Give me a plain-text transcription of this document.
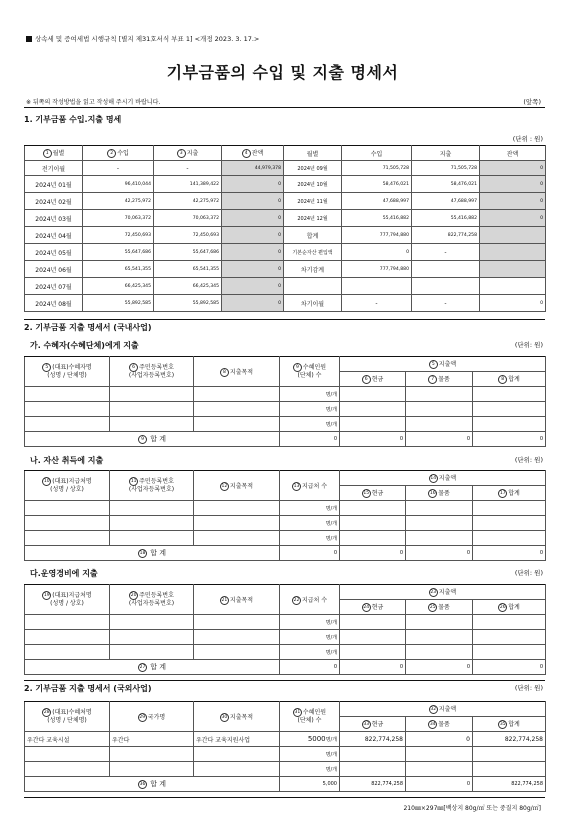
상속세 및 증여세법 시행규칙 [별지 제31호서식 부표 1] <개정 2023. 3. 17.>
기부금품의 수입 및 지출 명세서
※ 뒤쪽의 작성방법을 읽고 작성해 주시기 바랍니다.	(앞쪽)
1. 기부금품 수입.지출 명세
(단위 : 원)
1 월별	2 수입	3 지출	4 잔액	월별	수입	지출	잔액
전기이월	-	-	44,979,378	2024년 09월	71,505,728	71,505,728	0
2024년 01월	96,410,044	141,389,422	0	2024년 10월	58,476,021	58,476,021	0
2024년 02월	42,275,972	42,275,972	0	2024년 11월	47,688,997	47,688,997	0
2024년 03월	70,063,372	70,063,372	0	2024년 12월	55,416,882	55,416,882	0
2024년 04월	72,450,693	72,450,693	0	합계	777,794,880	822,774,258	
2024년 05월	55,647,686	55,647,686	0	기본순자산 편입액	0	-	
2024년 06월	65,541,355	65,541,355	0	차기감계	777,794,880		
2024년 07월	66,425,345	66,425,345	0				
2024년 08월	55,892,585	55,892,585	0	차기이월	-	-	0
2. 기부금품 지출 명세서 (국내사업)
가. 수혜자(수혜단체)에게 지출	(단위: 원)
5 (대표)수혜자명
(성명 / 단체명)	6 주민등록번호
(사업자등록번호)	8 지출목적	9 수혜인원
(단체) 수	5 지출액		
				6 현금	7 물품	8 합계
			명/개			
			명/개			
			명/개			
9 합 계			0	0	0	0
나. 자산 취득에 지출	(단위: 원)
10 (대표)지급처명
(성명 / 상호)	11 주민등록번호
(사업자등록번호)	12 지출목적	13 지급처 수	14 지출액		
				15 현금	16 물품	17 합계
			명/개			
			명/개			
			명/개			
18 합 계			0	0	0	0
다.운영경비에 지출	(단위: 원)
19 (대표)지급처명
(성명 / 상호)	20 주민등록번호
(사업자등록번호)	21 지출목적	22 지급처 수	23 지출액		
				24 현금	25 물품	26 합계
			명/개			
			명/개			
			명/개			
27 합 계			0	0	0	0
2. 기부금품 지출 명세서 (국외사업)	(단위: 원)
28 (대표)수혜처명
(성명 / 단체명)	29 국가명	30 지출목적	31 수혜인원
(단체) 수	32 지출액		
				33 현금	34 물품	35 합계
우간다 교육시설	우간다	우간다 교육지원사업	5000명/개	822,774,258	0	822,774,258
			명/개			
			명/개			
36 합 계			5,000	822,774,258	0	822,774,258
210㎜×297㎜[백상지 80g/㎡ 또는 중질지 80g/㎡]
